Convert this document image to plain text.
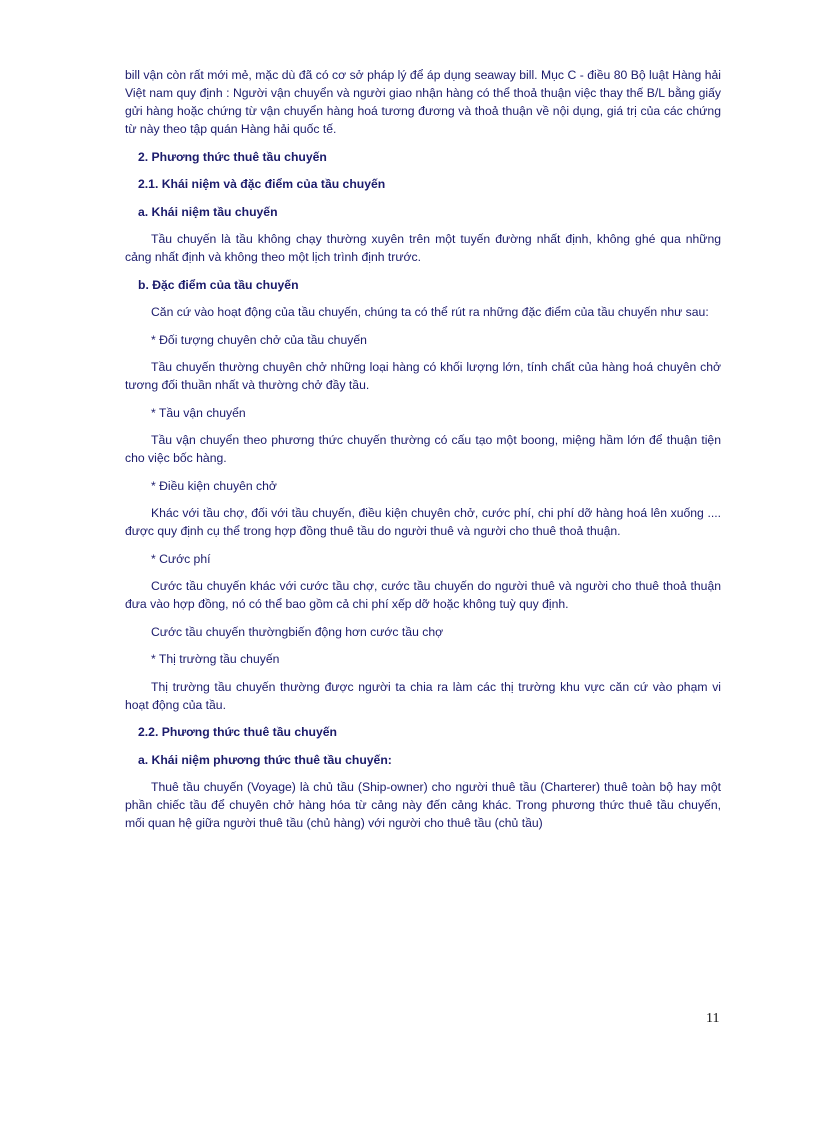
bill vận còn rất mới mẻ, mặc dù đã có cơ sở pháp lý để áp dụng seaway bill. Mục C - điều 80 Bộ luật Hàng hải Việt nam quy định : Người vận chuyển và người giao nhận hàng có thể thoả thuận việc thay thế B/L bằng giấy gửi hàng hoặc chứng từ vận chuyển hàng hoá tương đương và thoả thuận về nội dụng, giá trị của các chứng từ này theo tập quán Hàng hải quốc tế.

2. Phương thức thuê tầu chuyến

2.1. Khái niệm và đặc điểm của tầu chuyến

a. Khái niệm tầu chuyến

Tầu chuyến là tầu không chạy thường xuyên trên một tuyến đường nhất định, không ghé qua những cảng nhất định và không theo một lịch trình định trước.

b. Đặc điểm của tầu chuyến

Căn cứ vào hoạt động của tầu chuyến, chúng ta có thể rút ra những đặc điểm của tầu chuyến như sau:

* Đối tượng chuyên chở của tầu chuyến

Tầu chuyến thường chuyên chở những loại hàng có khối lượng lớn, tính chất của hàng hoá chuyên chở tương đối thuần nhất và thường chở đầy tầu.

* Tầu vận chuyển

Tầu vận chuyển theo phương thức chuyến thường có cấu tạo một boong, miệng hầm lớn để thuận tiện cho việc bốc hàng.

* Điều kiện chuyên chở

Khác với tầu chợ, đối với tầu chuyến, điều kiện chuyên chở, cước phí, chi phí dỡ hàng hoá lên xuống .... được quy định cụ thể trong hợp đồng thuê tầu do người thuê và người cho thuê thoả thuận.

* Cước phí

Cước tầu chuyến khác với cước tầu chợ, cước tầu chuyến do người thuê và người cho thuê thoả thuận đưa vào hợp đồng, nó có thể bao gồm cả chi phí xếp dỡ hoặc không tuỳ quy định.

Cước tầu chuyến thườngbiến động hơn cước tầu chợ

* Thị trường tầu chuyến

Thị trường tầu chuyến thường được người ta chia ra làm các thị trường khu vực căn cứ vào phạm vi hoạt động của tầu.

2.2. Phương thức thuê tầu chuyến

a. Khái niệm phương thức thuê tầu chuyến:

Thuê tầu chuyến (Voyage) là chủ tầu (Ship-owner) cho người thuê tầu (Charterer) thuê toàn bộ hay một phần chiếc tầu để chuyên chở hàng hóa từ cảng này đến cảng khác. Trong phương thức thuê tầu chuyến, mối quan hệ giữa người thuê tầu (chủ hàng) với người cho thuê tầu (chủ tầu)

11
